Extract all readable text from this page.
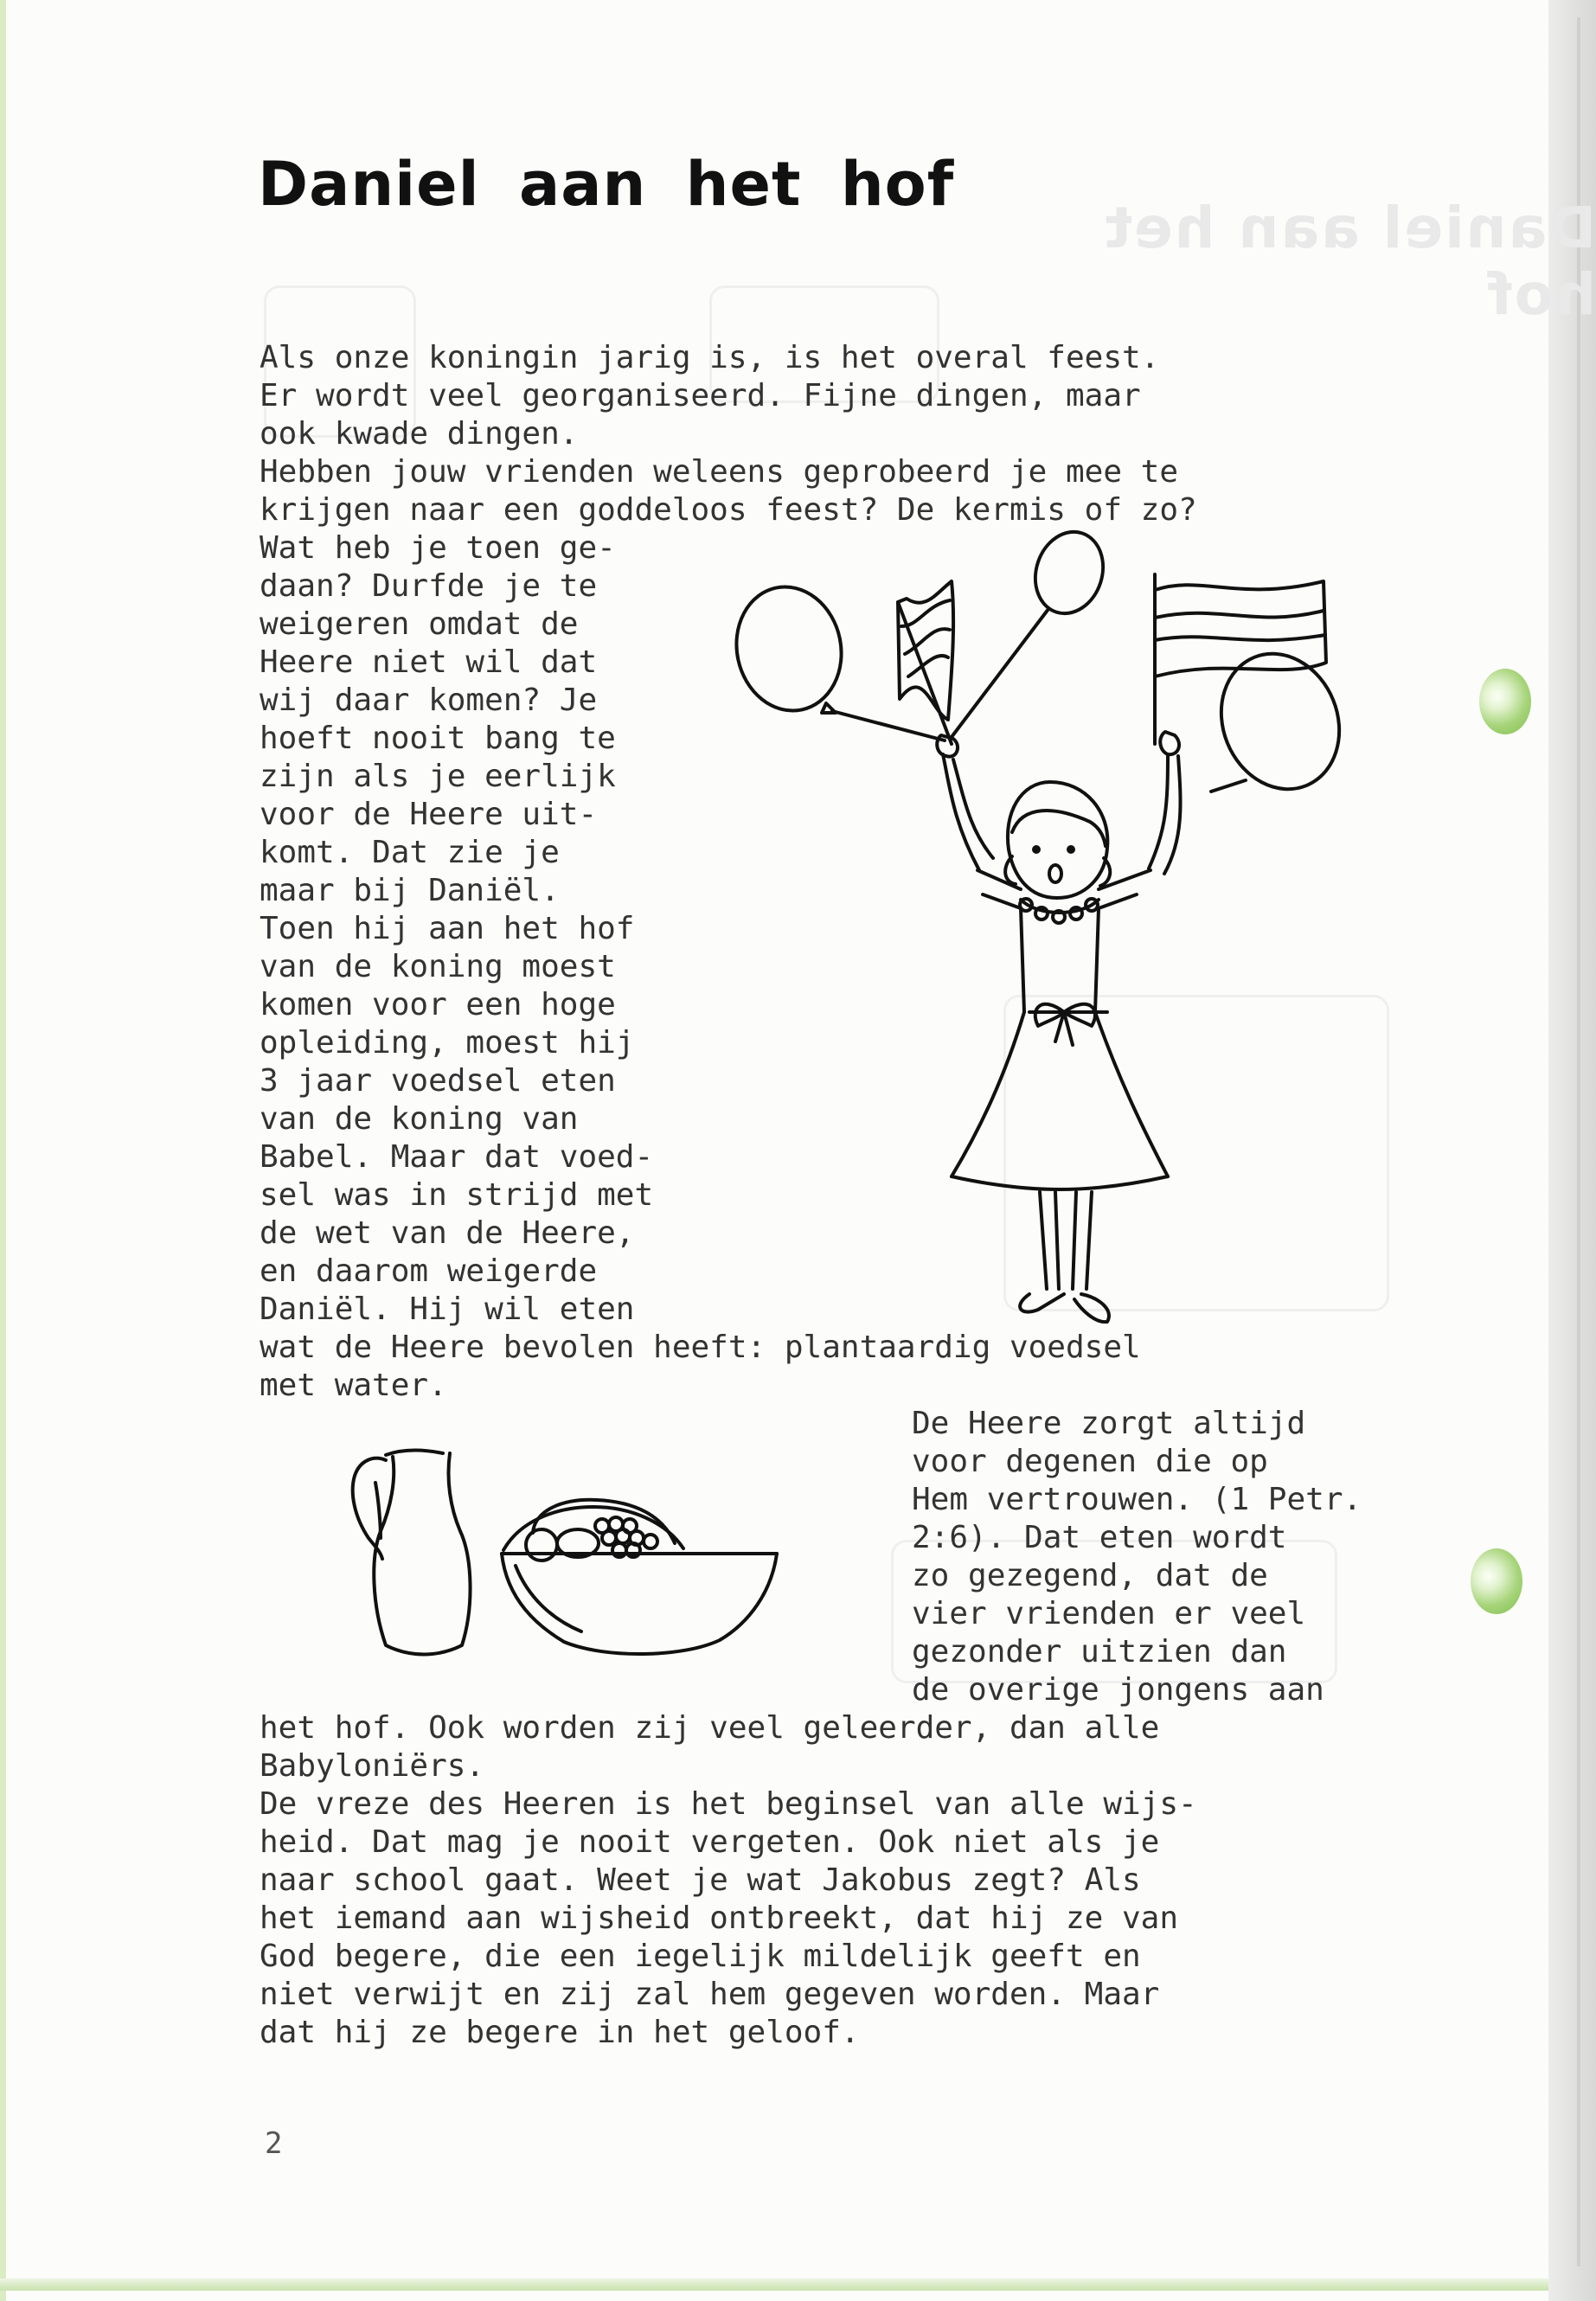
Daniel aan het hof
Daniel aan het hof
Als onze koningin jarig is, is het overal feest.
Er wordt veel georganiseerd. Fijne dingen, maar
ook kwade dingen.
Hebben jouw vrienden weleens geprobeerd je mee te
krijgen naar een goddeloos feest? De kermis of zo?
Wat heb je toen ge-
daan? Durfde je te
weigeren omdat de
Heere niet wil dat
wij daar komen? Je
hoeft nooit bang te
zijn als je eerlijk
voor de Heere uit-
komt. Dat zie je
maar bij Daniël.
Toen hij aan het hof
van de koning moest
komen voor een hoge
opleiding, moest hij
3 jaar voedsel eten
van de koning van
Babel. Maar dat voed-
sel was in strijd met
de wet van de Heere,
en daarom weigerde
Daniël. Hij wil eten
wat de Heere bevolen heeft: plantaardig voedsel
met water.
De Heere zorgt altijd
voor degenen die op
Hem vertrouwen. (1 Petr.
2:6). Dat eten wordt
zo gezegend, dat de
vier vrienden er veel
gezonder uitzien dan
de overige jongens aan
het hof. Ook worden zij veel geleerder, dan alle
Babyloniërs.
De vreze des Heeren is het beginsel van alle wijs-
heid. Dat mag je nooit vergeten. Ook niet als je
naar school gaat. Weet je wat Jakobus zegt? Als
het iemand aan wijsheid ontbreekt, dat hij ze van
God begere, die een iegelijk mildelijk geeft en
niet verwijt en zij zal hem gegeven worden. Maar
dat hij ze begere in het geloof.
2
